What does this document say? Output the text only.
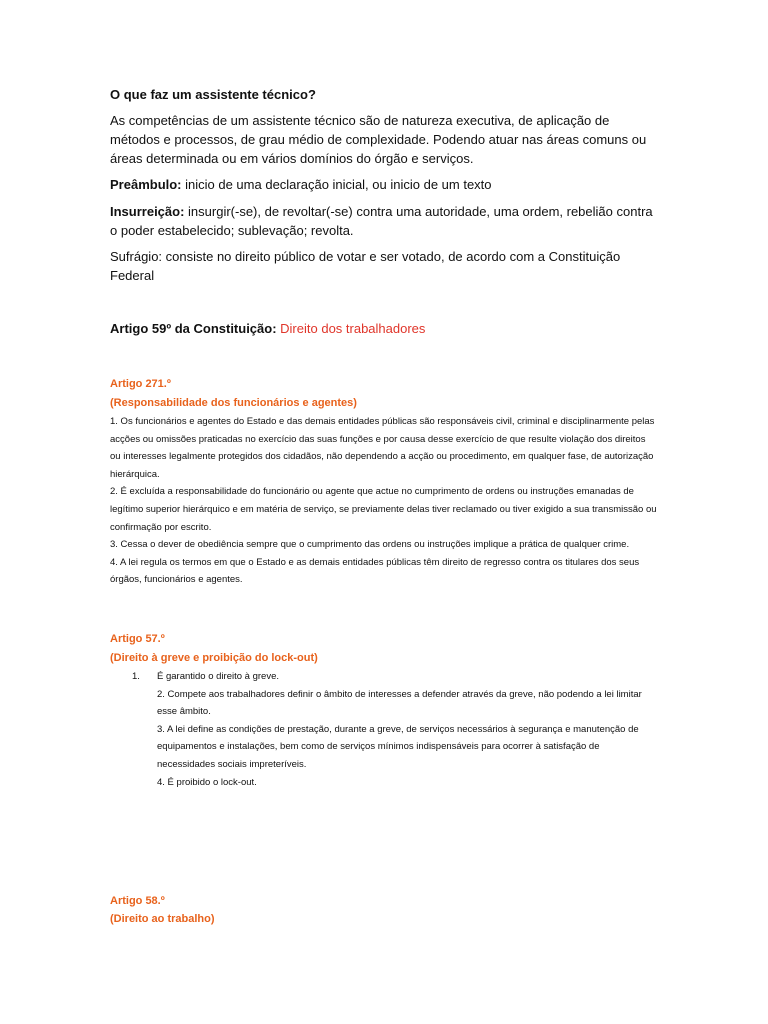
O que faz um assistente técnico?
As competências de um assistente técnico são de natureza executiva, de aplicação de métodos e processos, de grau médio de complexidade. Podendo atuar nas áreas comuns ou áreas determinada ou em vários domínios do órgão e serviços.
Preâmbulo: inicio de uma declaração inicial, ou inicio de um texto
Insurreição: insurgir(-se), de revoltar(-se) contra uma autoridade, uma ordem, rebelião contra o poder estabelecido; sublevação; revolta.
Sufrágio: consiste no direito público de votar e ser votado, de acordo com a Constituição Federal
Artigo 59º da Constituição: Direito dos trabalhadores
Artigo 271.º
(Responsabilidade dos funcionários e agentes)
1. Os funcionários e agentes do Estado e das demais entidades públicas são responsáveis civil, criminal e disciplinarmente pelas acções ou omissões praticadas no exercício das suas funções e por causa desse exercício de que resulte violação dos direitos ou interesses legalmente protegidos dos cidadãos, não dependendo a acção ou procedimento, em qualquer fase, de autorização hierárquica.
2. É excluída a responsabilidade do funcionário ou agente que actue no cumprimento de ordens ou instruções emanadas de legítimo superior hierárquico e em matéria de serviço, se previamente delas tiver reclamado ou tiver exigido a sua transmissão ou confirmação por escrito.
3. Cessa o dever de obediência sempre que o cumprimento das ordens ou instruções implique a prática de qualquer crime.
4. A lei regula os termos em que o Estado e as demais entidades públicas têm direito de regresso contra os titulares dos seus órgãos, funcionários e agentes.
Artigo 57.º
(Direito à greve e proibição do lock-out)
1. É garantido o direito à greve.
2. Compete aos trabalhadores definir o âmbito de interesses a defender através da greve, não podendo a lei limitar esse âmbito.
3. A lei define as condições de prestação, durante a greve, de serviços necessários à segurança e manutenção de equipamentos e instalações, bem como de serviços mínimos indispensáveis para ocorrer à satisfação de necessidades sociais impreteríveis.
4. É proibido o lock-out.
Artigo 58.º
(Direito ao trabalho)
